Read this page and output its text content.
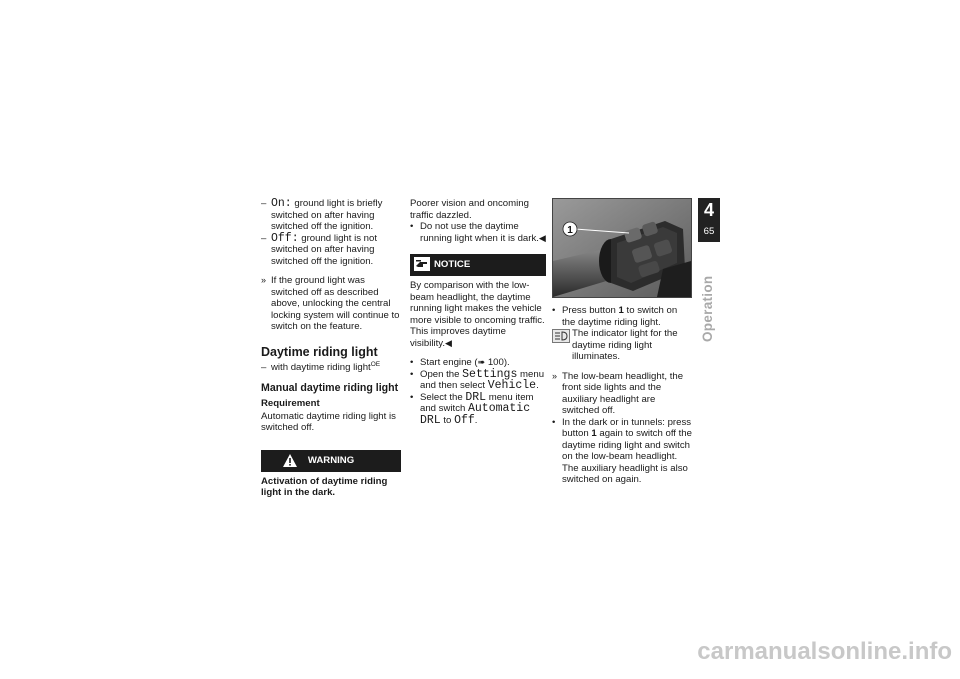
– On: ground light is briefly switched on after having switched off the ignition.

– Off: ground light is not switched on after having switched off the ignition.

» If the ground light was switched off as described above, unlocking the central locking system will continue to switch on the feature.

Daytime riding light

– with daytime riding light$^{OE}$

Manual daytime riding light
Requirement

Automatic daytime riding light is switched off.

WARNING

Activation of daytime riding light in the dark.

Poorer vision and oncoming traffic dazzled.

• Do not use the daytime running light when it is dark.◀

NOTICE

By comparison with the low-beam headlight, the daytime running light makes the vehicle more visible to oncoming traffic. This improves daytime visibility.◀

• Start engine (➠ 100).

• Open the Settings menu and then select Vehicle.

• Select the DRL menu item and switch Automatic DRL to Off.

1

• Press button 1 to switch on the daytime riding light.

The indicator light for the daytime riding light illuminates.

» The low-beam headlight, the front side lights and the auxiliary headlight are switched off.

• In the dark or in tunnels: press button 1 again to switch off the daytime riding light and switch on the low-beam headlight. The auxiliary headlight is also switched on again.

4
65
Operation
carmanualsonline.info
